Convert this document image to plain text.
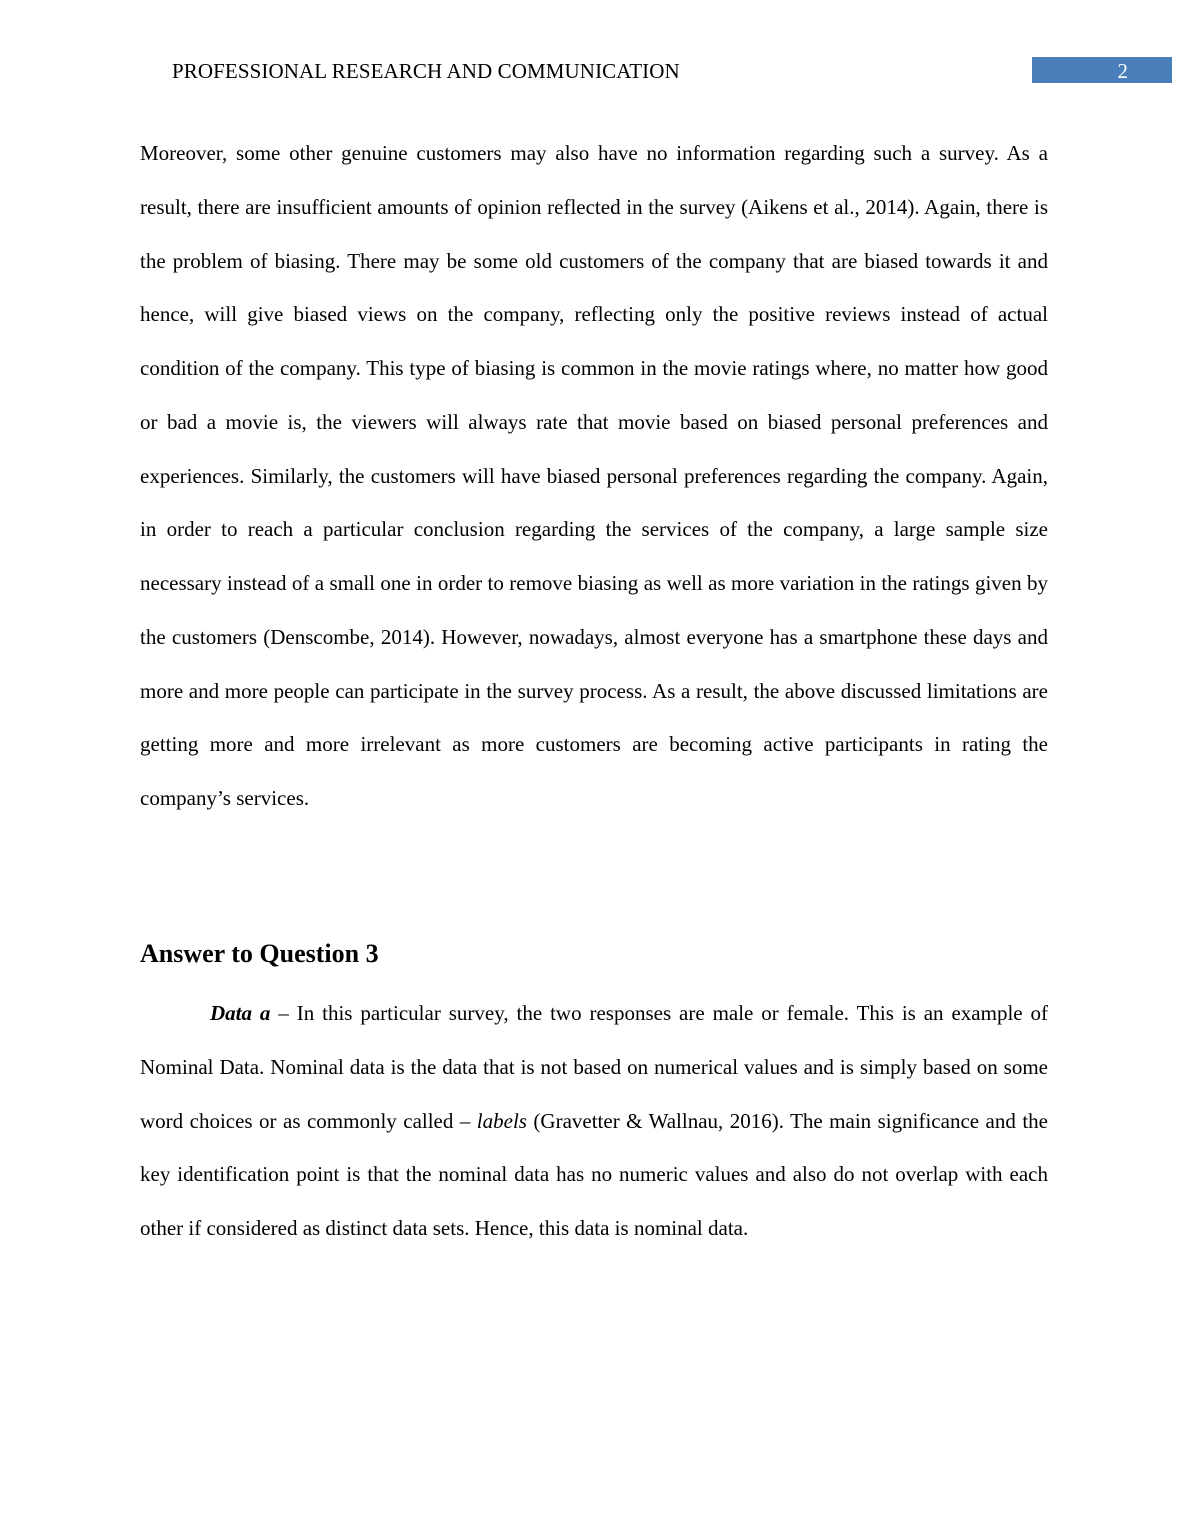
PROFESSIONAL RESEARCH AND COMMUNICATION	2

Moreover, some other genuine customers may also have no information regarding such a survey. As a result, there are insufficient amounts of opinion reflected in the survey (Aikens et al., 2014). Again, there is the problem of biasing. There may be some old customers of the company that are biased towards it and hence, will give biased views on the company, reflecting only the positive reviews instead of actual condition of the company. This type of biasing is common in the movie ratings where, no matter how good or bad a movie is, the viewers will always rate that movie based on biased personal preferences and experiences. Similarly, the customers will have biased personal preferences regarding the company. Again, in order to reach a particular conclusion regarding the services of the company, a large sample size necessary instead of a small one in order to remove biasing as well as more variation in the ratings given by the customers (Denscombe, 2014). However, nowadays, almost everyone has a smartphone these days and more and more people can participate in the survey process. As a result, the above discussed limitations are getting more and more irrelevant as more customers are becoming active participants in rating the company’s services.

Answer to Question 3

Data a – In this particular survey, the two responses are male or female. This is an example of Nominal Data. Nominal data is the data that is not based on numerical values and is simply based on some word choices or as commonly called – labels (Gravetter & Wallnau, 2016). The main significance and the key identification point is that the nominal data has no numeric values and also do not overlap with each other if considered as distinct data sets. Hence, this data is nominal data.
